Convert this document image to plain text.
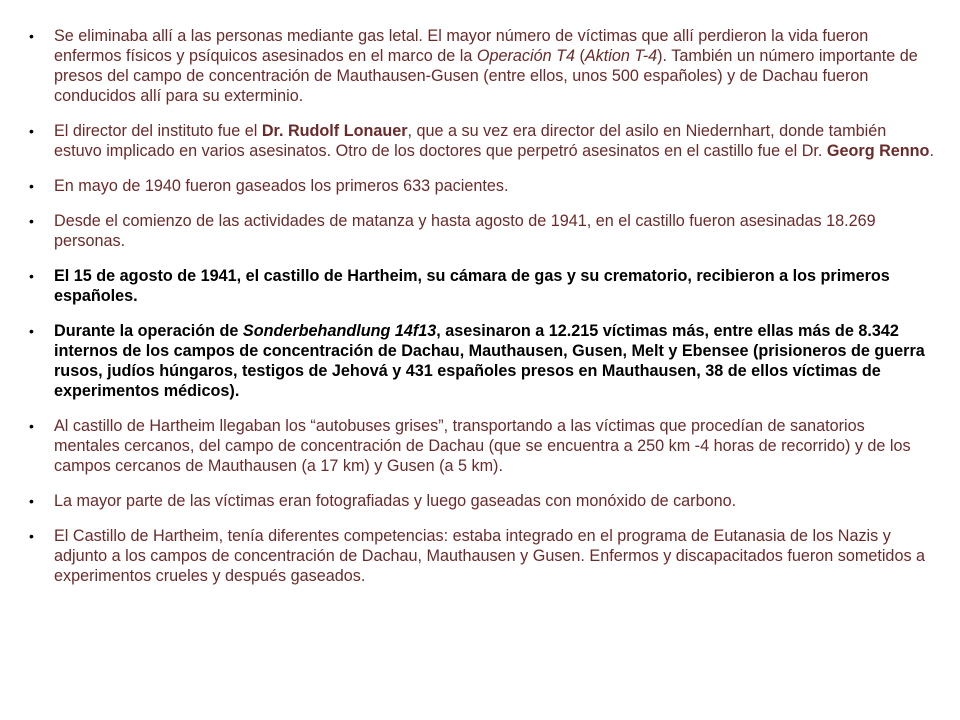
• Se eliminaba allí a las personas mediante gas letal. El mayor número de víctimas que allí perdieron la vida fueron enfermos físicos y psíquicos asesinados en el marco de la Operación T4 (Aktion T-4). También un número importante de presos del campo de concentración de Mauthausen-Gusen (entre ellos, unos 500 españoles) y de Dachau fueron conducidos allí para su exterminio.
• El director del instituto fue el Dr. Rudolf Lonauer, que a su vez era director del asilo en Niedernhart, donde también estuvo implicado en varios asesinatos. Otro de los doctores que perpetró asesinatos en el castillo fue el Dr. Georg Renno.
• En mayo de 1940 fueron gaseados los primeros 633 pacientes.
• Desde el comienzo de las actividades de matanza y hasta agosto de 1941, en el castillo fueron asesinadas 18.269 personas.
• El 15 de agosto de 1941, el castillo de Hartheim, su cámara de gas y su crematorio, recibieron a los primeros españoles.
• Durante la operación de Sonderbehandlung 14f13, asesinaron a 12.215 víctimas más, entre ellas más de 8.342 internos de los campos de concentración de Dachau, Mauthausen, Gusen, Melt y Ebensee (prisioneros de guerra rusos, judíos húngaros, testigos de Jehová y 431 españoles presos en Mauthausen, 38 de ellos víctimas de experimentos médicos).
• Al castillo de Hartheim llegaban los “autobuses grises”, transportando a las víctimas que procedían de sanatorios mentales cercanos, del campo de concentración de Dachau (que se encuentra a 250 km -4 horas de recorrido) y de los campos cercanos de Mauthausen (a 17 km) y Gusen (a 5 km).
• La mayor parte de las víctimas eran fotografiadas y luego gaseadas con monóxido de carbono.
• El Castillo de Hartheim, tenía diferentes competencias: estaba integrado en el programa de Eutanasia de los Nazis y adjunto a los campos de concentración de Dachau, Mauthausen y Gusen. Enfermos y discapacitados fueron sometidos a experimentos crueles y después gaseados.
